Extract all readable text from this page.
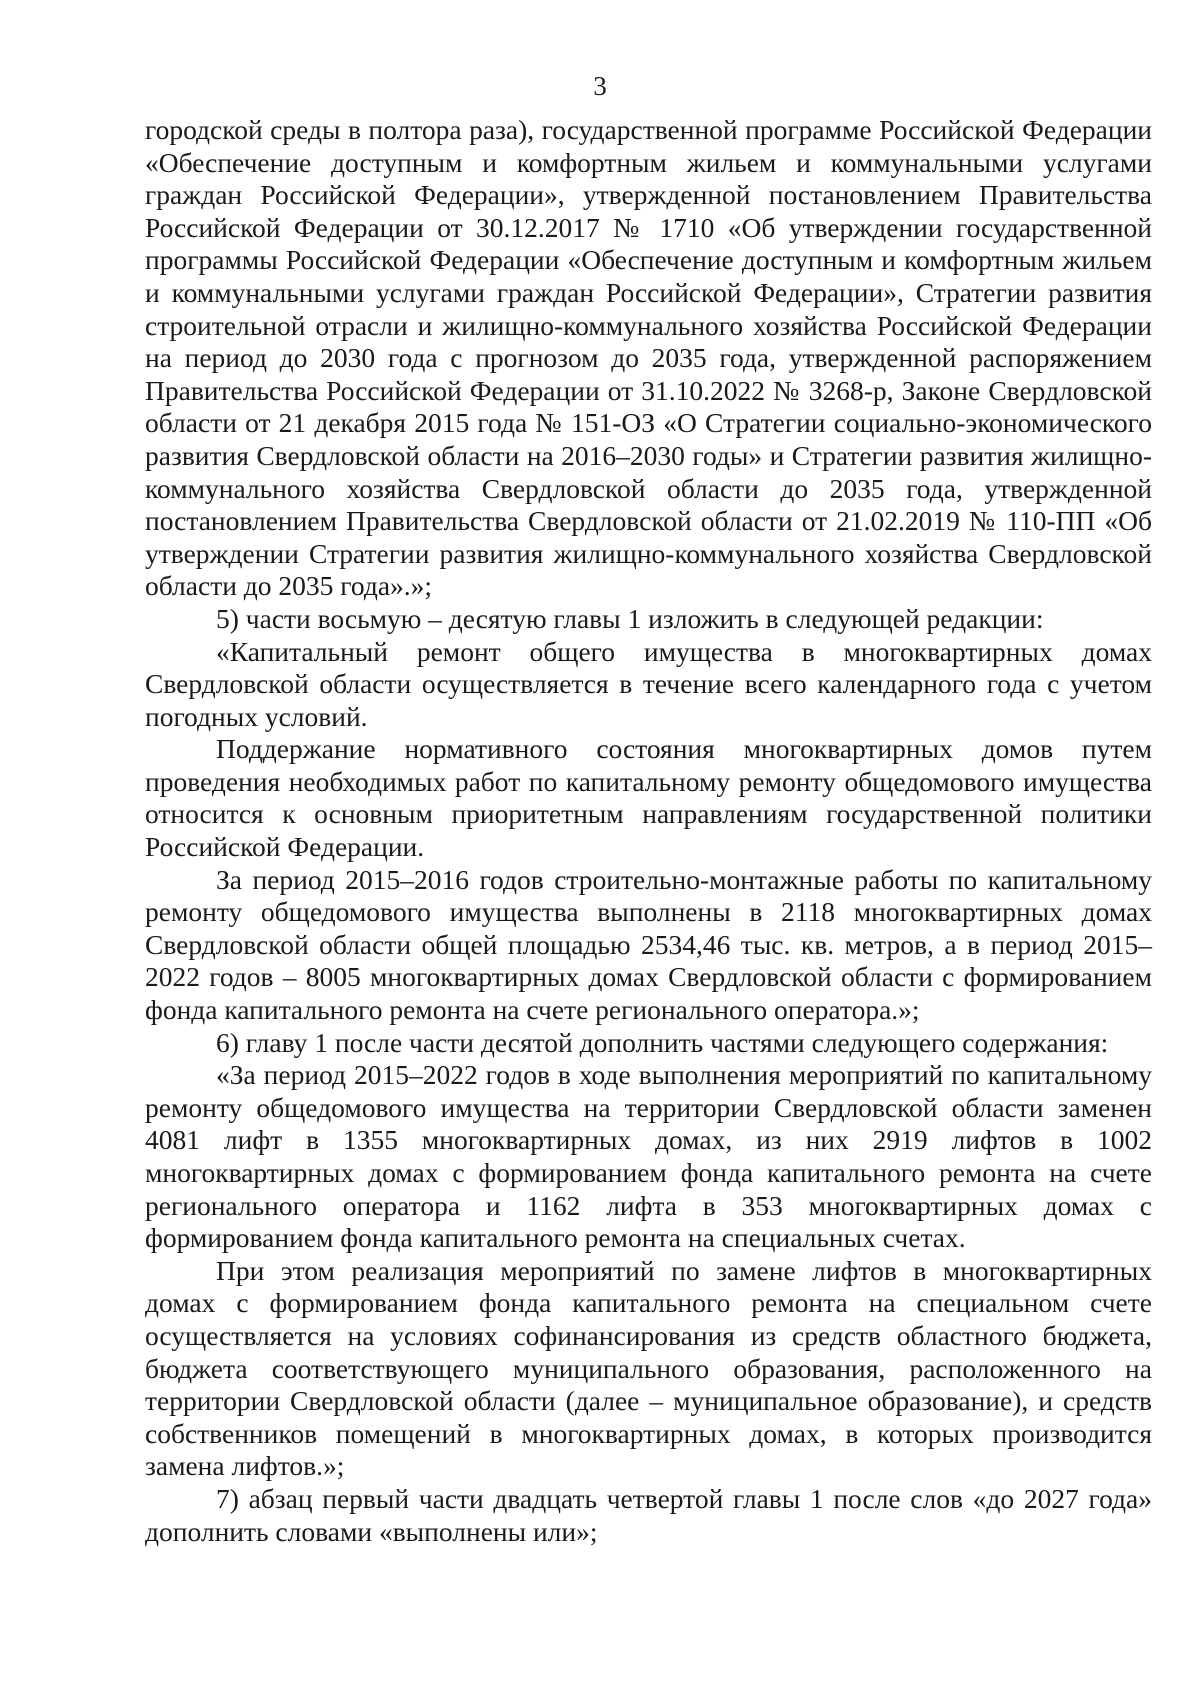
3

городской среды в полтора раза), государственной программе Российской Федерации «Обеспечение доступным и комфортным жильем и коммунальными услугами граждан Российской Федерации», утвержденной постановлением Правительства Российской Федерации от 30.12.2017 № 1710 «Об утверждении государственной программы Российской Федерации «Обеспечение доступным и комфортным жильем и коммунальными услугами граждан Российской Федерации», Стратегии развития строительной отрасли и жилищно-коммунального хозяйства Российской Федерации на период до 2030 года с прогнозом до 2035 года, утвержденной распоряжением Правительства Российской Федерации от 31.10.2022 № 3268-р, Законе Свердловской области от 21 декабря 2015 года № 151-ОЗ «О Стратегии социально-экономического развития Свердловской области на 2016–2030 годы» и Стратегии развития жилищно-коммунального хозяйства Свердловской области до 2035 года, утвержденной постановлением Правительства Свердловской области от 21.02.2019 № 110-ПП «Об утверждении Стратегии развития жилищно-коммунального хозяйства Свердловской области до 2035 года».»;

5) части восьмую – десятую главы 1 изложить в следующей редакции:

«Капитальный ремонт общего имущества в многоквартирных домах Свердловской области осуществляется в течение всего календарного года с учетом погодных условий.

Поддержание нормативного состояния многоквартирных домов путем проведения необходимых работ по капитальному ремонту общедомового имущества относится к основным приоритетным направлениям государственной политики Российской Федерации.

За период 2015–2016 годов строительно-монтажные работы по капитальному ремонту общедомового имущества выполнены в 2118 многоквартирных домах Свердловской области общей площадью 2534,46 тыс. кв. метров, а в период 2015–2022 годов – 8005 многоквартирных домах Свердловской области с формированием фонда капитального ремонта на счете регионального оператора.»;

6) главу 1 после части десятой дополнить частями следующего содержания:

«За период 2015–2022 годов в ходе выполнения мероприятий по капитальному ремонту общедомового имущества на территории Свердловской области заменен 4081 лифт в 1355 многоквартирных домах, из них 2919 лифтов в 1002 многоквартирных домах с формированием фонда капитального ремонта на счете регионального оператора и 1162 лифта в 353 многоквартирных домах с формированием фонда капитального ремонта на специальных счетах.

При этом реализация мероприятий по замене лифтов в многоквартирных домах с формированием фонда капитального ремонта на специальном счете осуществляется на условиях софинансирования из средств областного бюджета, бюджета соответствующего муниципального образования, расположенного на территории Свердловской области (далее – муниципальное образование), и средств собственников помещений в многоквартирных домах, в которых производится замена лифтов.»;

7) абзац первый части двадцать четвертой главы 1 после слов «до 2027 года» дополнить словами «выполнены или»;
